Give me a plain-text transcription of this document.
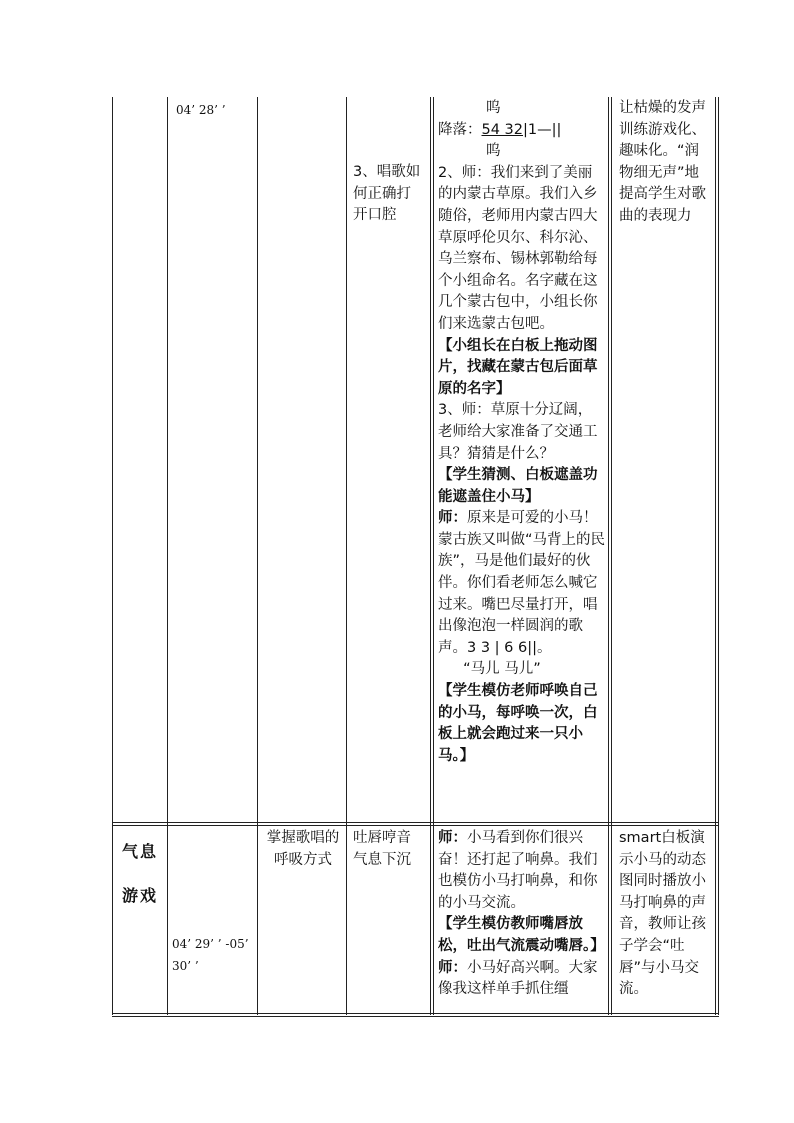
04’ 28’ ’
3、唱歌如何正确打开口腔

呜

降落：54 32|1—||

呜

2、师：我们来到了美丽的内蒙古草原。我们入乡随俗，老师用内蒙古四大草原呼伦贝尔、科尔沁、乌兰察布、锡林郭勒给每个小组命名。名字藏在这几个蒙古包中，小组长你们来选蒙古包吧。

【小组长在白板上拖动图片，找藏在蒙古包后面草原的名字】

3、师：草原十分辽阔，老师给大家准备了交通工具？猜猜是什么？

【学生猜测、白板遮盖功能遮盖住小马】

师：原来是可爱的小马！蒙古族又叫做“马背上的民族”，马是他们最好的伙伴。你们看老师怎么喊它过来。嘴巴尽量打开，唱出像泡泡一样圆润的歌声。3 3 | 6 6||。

“马儿 马儿”

【学生模仿老师呼唤自己的小马，每呼唤一次，白板上就会跑过来一只小马。】

让枯燥的发声训练游戏化、趣味化。“润物细无声”地提高学生对歌曲的表现力

气息

游戏

04’ 29’ ’ -05’ 30’ ’
掌握歌唱的呼吸方式
吐唇哼音气息下沉

师：小马看到你们很兴奋！还打起了响鼻。我们也模仿小马打响鼻，和你的小马交流。

【学生模仿教师嘴唇放松，吐出气流震动嘴唇。】

师：小马好高兴啊。大家像我这样单手抓住缰

smart白板演示小马的动态图同时播放小马打响鼻的声音，教师让孩子学会“吐唇”与小马交流。
